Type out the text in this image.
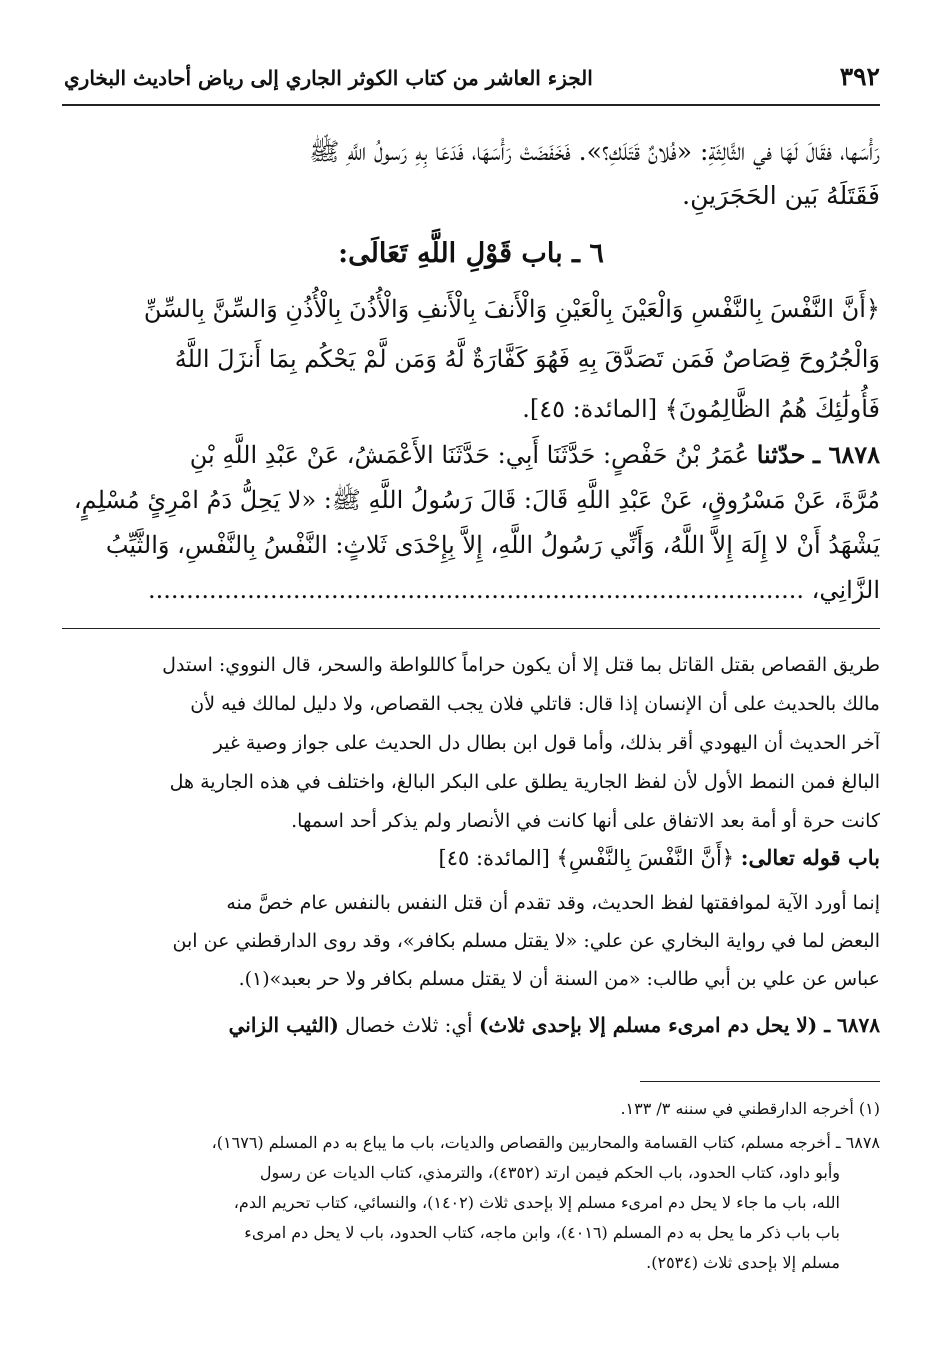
٣٩٢
الجزء العاشر من كتاب الكوثر الجاري إلى رياض أحاديث البخاري
رَأْسَها، فقَالَ لَهَا في الثَّالِثَةِ: «فُلانٌ قَتَلَكِ؟». فَخَفَضَتْ رَأْسَهَا، فَدَعَا بِهِ رَسولُ اللَّهِ ﷺ
فَقَتَلَهُ بَين الحَجَرَينِ.
٦ ـ باب قَوْلِ اللَّهِ تَعَالَى:
﴿أَنَّ النَّفْسَ بِالنَّفْسِ وَالْعَيْنَ بِالْعَيْنِ وَالْأَنفَ بِالْأَنفِ وَالْأُذُنَ بِالْأُذُنِ وَالسِّنَّ بِالسِّنِّ
وَالْجُرُوحَ قِصَاصٌ فَمَن تَصَدَّقَ بِهِ فَهُوَ كَفَّارَةٌ لَّهُ وَمَن لَّمْ يَحْكُم بِمَا أَنزَلَ اللَّهُ
فَأُولَٰئِكَ هُمُ الظَّالِمُونَ﴾ [المائدة: ٤٥].
٦٨٧٨ ـ حدّثنا عُمَرُ بْنُ حَفْصٍ: حَدَّثَنَا أَبِي: حَدَّثَنَا الأَعْمَشُ، عَنْ عَبْدِ اللَّهِ بْنِ
مُرَّةَ، عَنْ مَسْرُوقٍ، عَنْ عَبْدِ اللَّهِ قَالَ: قَالَ رَسُولُ اللَّهِ ﷺ: «لا يَحِلُّ دَمُ امْرِئٍ مُسْلِمٍ،
يَشْهَدُ أَنْ لا إِلَهَ إِلاَّ اللَّهُ، وَأَنِّي رَسُولُ اللَّهِ، إِلاَّ بِإِحْدَى ثَلاثٍ: النَّفْسُ بِالنَّفْسِ، وَالثَّيِّبُ
الزَّانِي، ......................................................................................
طريق القصاص بقتل القاتل بما قتل إلا أن يكون حراماً كاللواطة والسحر، قال النووي: استدل
مالك بالحديث على أن الإنسان إذا قال: قاتلي فلان يجب القصاص، ولا دليل لمالك فيه لأن
آخر الحديث أن اليهودي أقر بذلك، وأما قول ابن بطال دل الحديث على جواز وصية غير
البالغ فمن النمط الأول لأن لفظ الجارية يطلق على البكر البالغ، واختلف في هذه الجارية هل
كانت حرة أو أمة بعد الاتفاق على أنها كانت في الأنصار ولم يذكر أحد اسمها.
باب قوله تعالى: ﴿أَنَّ النَّفْسَ بِالنَّفْسِ﴾ [المائدة: ٤٥]
إنما أورد الآية لموافقتها لفظ الحديث، وقد تقدم أن قتل النفس بالنفس عام خصَّ منه
البعض لما في رواية البخاري عن علي: «لا يقتل مسلم بكافر»، وقد روى الدارقطني عن ابن
عباس عن علي بن أبي طالب: «من السنة أن لا يقتل مسلم بكافر ولا حر بعبد»(١).
٦٨٧٨ ـ (لا يحل دم امرىء مسلم إلا بإحدى ثلاث) أي: ثلاث خصال (الثيب الزاني
(١) أخرجه الدارقطني في سننه ٣/ ١٣٣.
٦٨٧٨ ـ أخرجه مسلم، كتاب القسامة والمحاربين والقصاص والديات، باب ما يباع به دم المسلم (١٦٧٦)،
وأبو داود، كتاب الحدود، باب الحكم فيمن ارتد (٤٣٥٢)، والترمذي، كتاب الديات عن رسول
الله، باب ما جاء لا يحل دم امرىء مسلم إلا بإحدى ثلاث (١٤٠٢)، والنسائي، كتاب تحريم الدم،
باب باب ذكر ما يحل به دم المسلم (٤٠١٦)، وابن ماجه، كتاب الحدود، باب لا يحل دم امرىء
مسلم إلا بإحدى ثلاث (٢٥٣٤).
